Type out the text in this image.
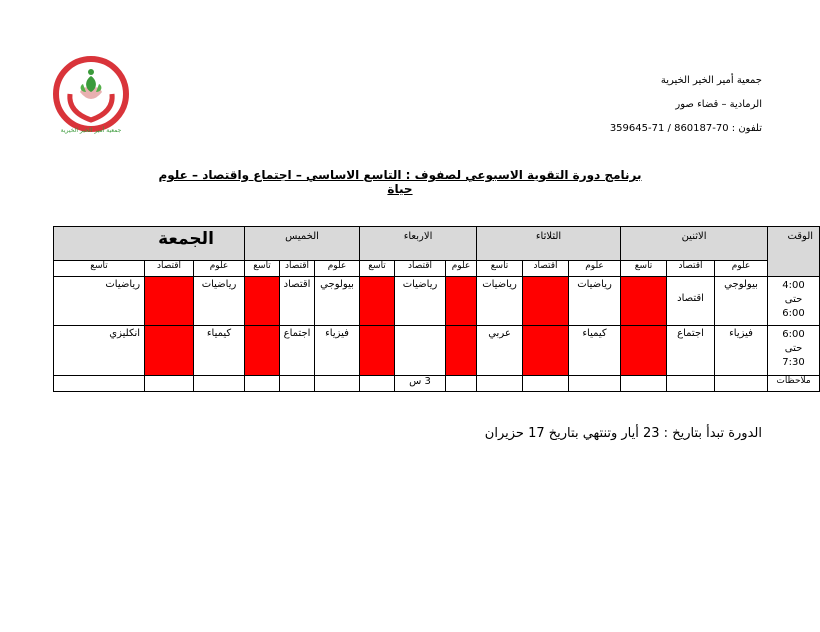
جمعية أمير الخير الخيرية
جمعية أمير الخير الخيرية
الرمادية – قضاء صور
تلفون : 70-860187 / 71-359645
برنامج دورة التقوية الاسبوعي لصفوف : التاسع الاساسي – اجتماع واقتصاد – علوم حياة
الوقت	الاثنين			الثلاثاء			الاربعاء			الخميس			الجمعة		
	علوم	اقتصاد	تاسع	علوم	اقتصاد	تاسع	علوم	اقتصاد	تاسع	علوم	اقتصاد	تاسع	علوم	اقتصاد	تاسع

4:00
حتى
6:00	بيولوجي	اقتصاد		رياضيات		رياضيات		رياضيات		بيولوجي	اقتصاد		رياضيات		رياضيات

6:00
حتى
7:30	فيزياء	اجتماع		كيمياء		عربي				فيزياء	اجتماع		كيمياء		انكليزي
ملاحظات								3 س							
الدورة تبدأ بتاريخ : 23 أيار وتنتهي بتاريخ 17 حزيران
